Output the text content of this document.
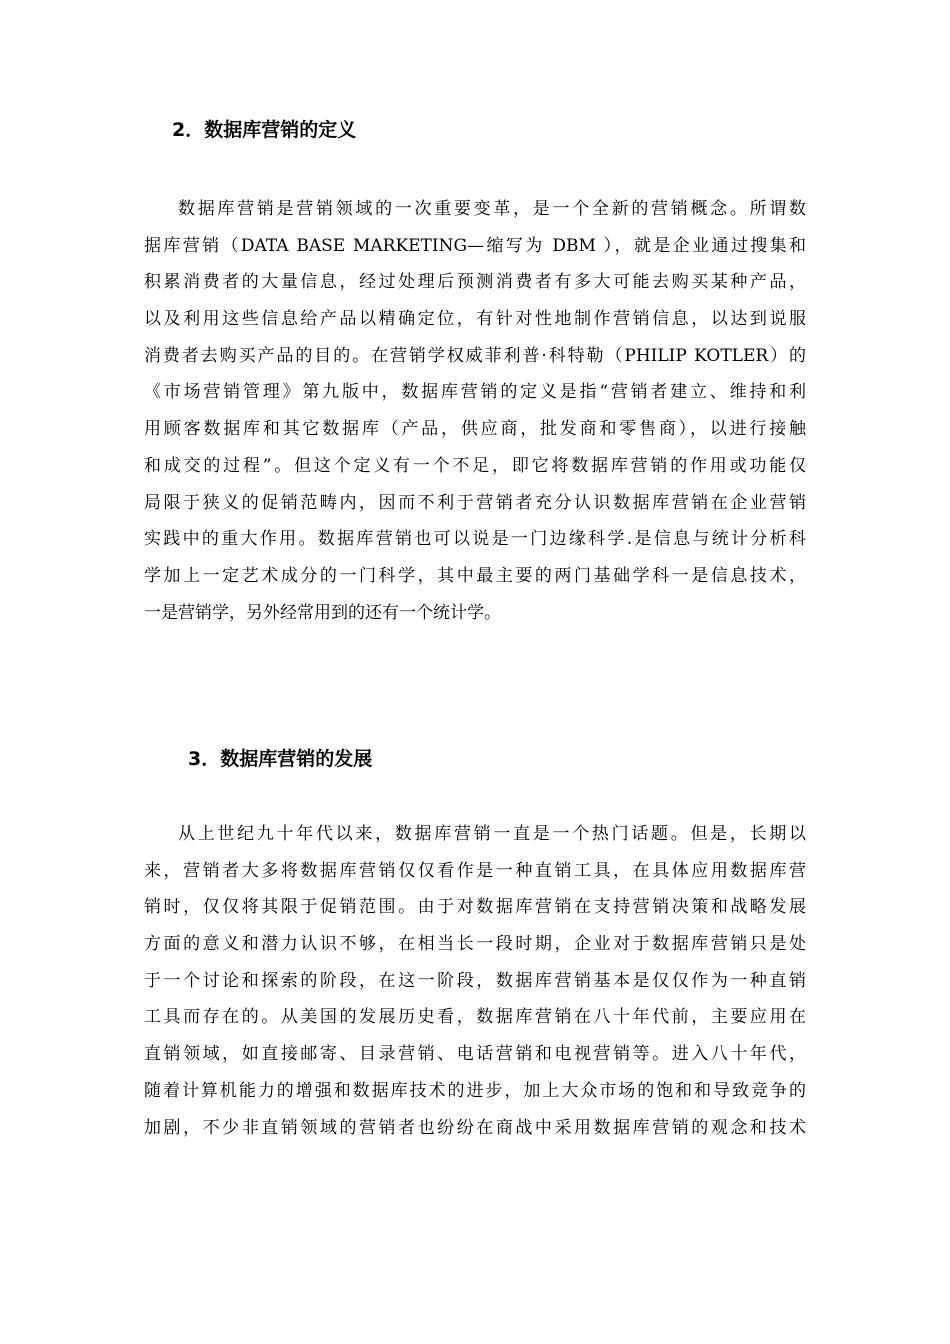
2．数据库营销的定义
数据库营销是营销领域的一次重要变革，是一个全新的营销概念。所谓数
据库营销（DATA BASE MARKETING—缩写为 DBM ），就是企业通过搜集和
积累消费者的大量信息，经过处理后预测消费者有多大可能去购买某种产品，
以及利用这些信息给产品以精确定位，有针对性地制作营销信息，以达到说服
消费者去购买产品的目的。在营销学权威菲利普·科特勒（PHILIP KOTLER）的
《市场营销管理》第九版中，数据库营销的定义是指“营销者建立、维持和利
用顾客数据库和其它数据库（产品，供应商，批发商和零售商），以进行接触
和成交的过程”。但这个定义有一个不足，即它将数据库营销的作用或功能仅
局限于狭义的促销范畴内，因而不利于营销者充分认识数据库营销在企业营销
实践中的重大作用。数据库营销也可以说是一门边缘科学.是信息与统计分析科
学加上一定艺术成分的一门科学，其中最主要的两门基础学科一是信息技术，
一是营销学，另外经常用到的还有一个统计学。
3．数据库营销的发展
从上世纪九十年代以来，数据库营销一直是一个热门话题。但是，长期以
来，营销者大多将数据库营销仅仅看作是一种直销工具，在具体应用数据库营
销时，仅仅将其限于促销范围。由于对数据库营销在支持营销决策和战略发展
方面的意义和潜力认识不够，在相当长一段时期，企业对于数据库营销只是处
于一个讨论和探索的阶段，在这一阶段，数据库营销基本是仅仅作为一种直销
工具而存在的。从美国的发展历史看，数据库营销在八十年代前，主要应用在
直销领域，如直接邮寄、目录营销、电话营销和电视营销等。进入八十年代，
随着计算机能力的增强和数据库技术的进步，加上大众市场的饱和和导致竞争的
加剧，不少非直销领域的营销者也纷纷在商战中采用数据库营销的观念和技术
